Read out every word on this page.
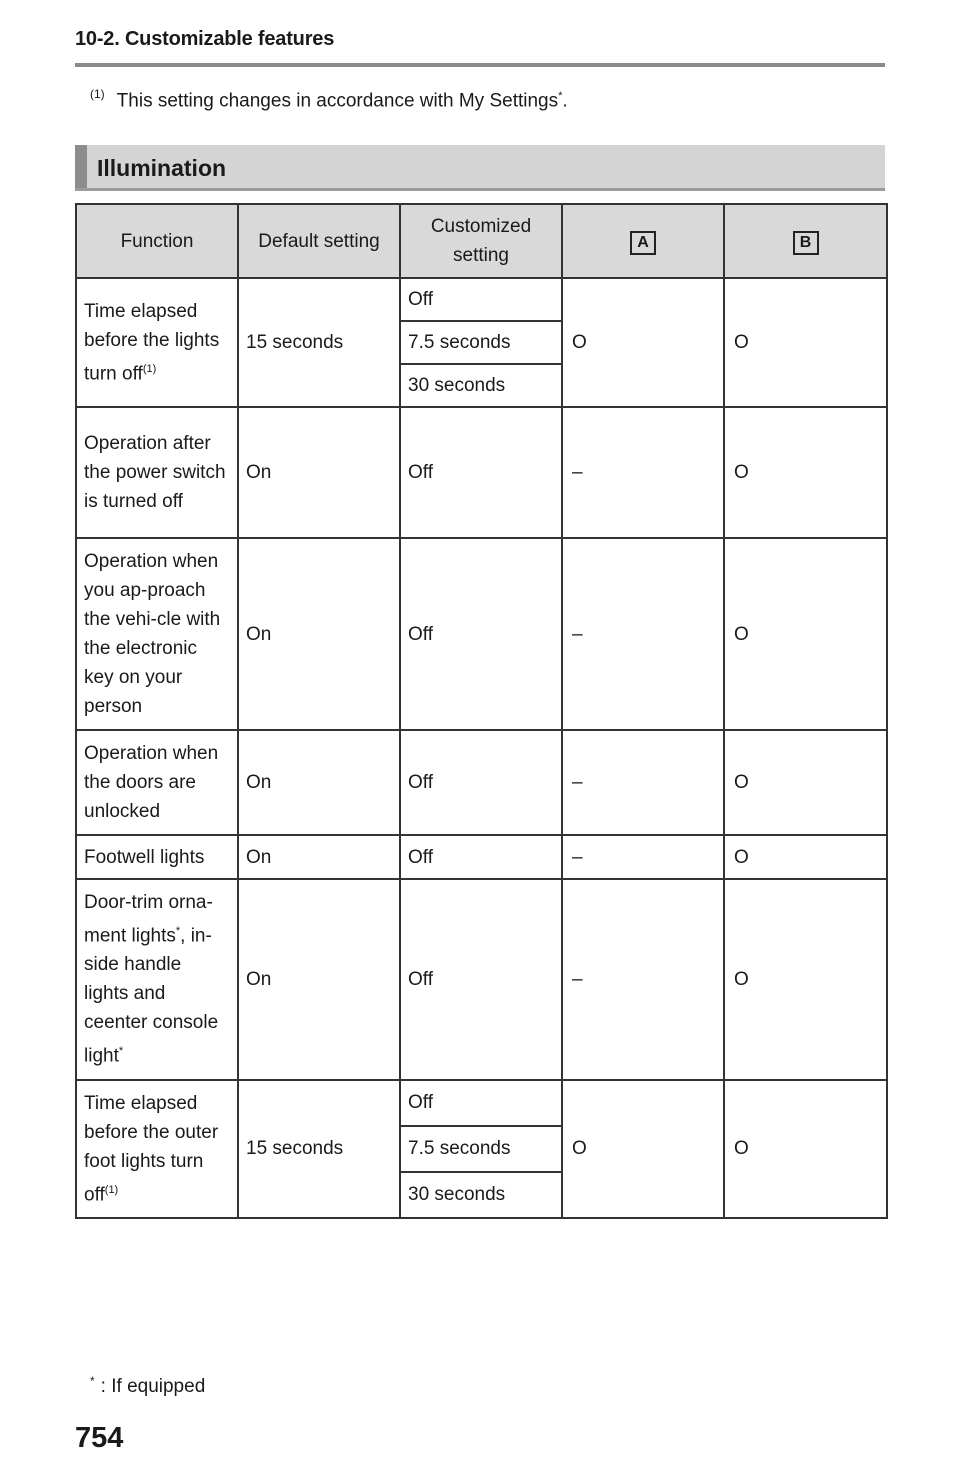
10-2. Customizable features
$^{(1)}$ This setting changes in accordance with My Settings*.
Illumination
Function	Default setting	Customized setting	A	B
Time elapsed before the lights turn off$^{(1)}$	15 seconds	Off	O	O
		7.5 seconds		
		30 seconds		
Operation after the power switch is turned off	On	Off	–	O
Operation when you ap-proach the vehi-cle with the electronic key on your person	On	Off	–	O
Operation when the doors are unlocked	On	Off	–	O
Footwell lights	On	Off	–	O
Door-trim orna-ment lights*, in-side handle lights and ceenter console light*	On	Off	–	O
Time elapsed before the outer foot lights turn off$^{(1)}$	15 seconds	Off	O	O
		7.5 seconds		
		30 seconds		
* : If equipped
754
